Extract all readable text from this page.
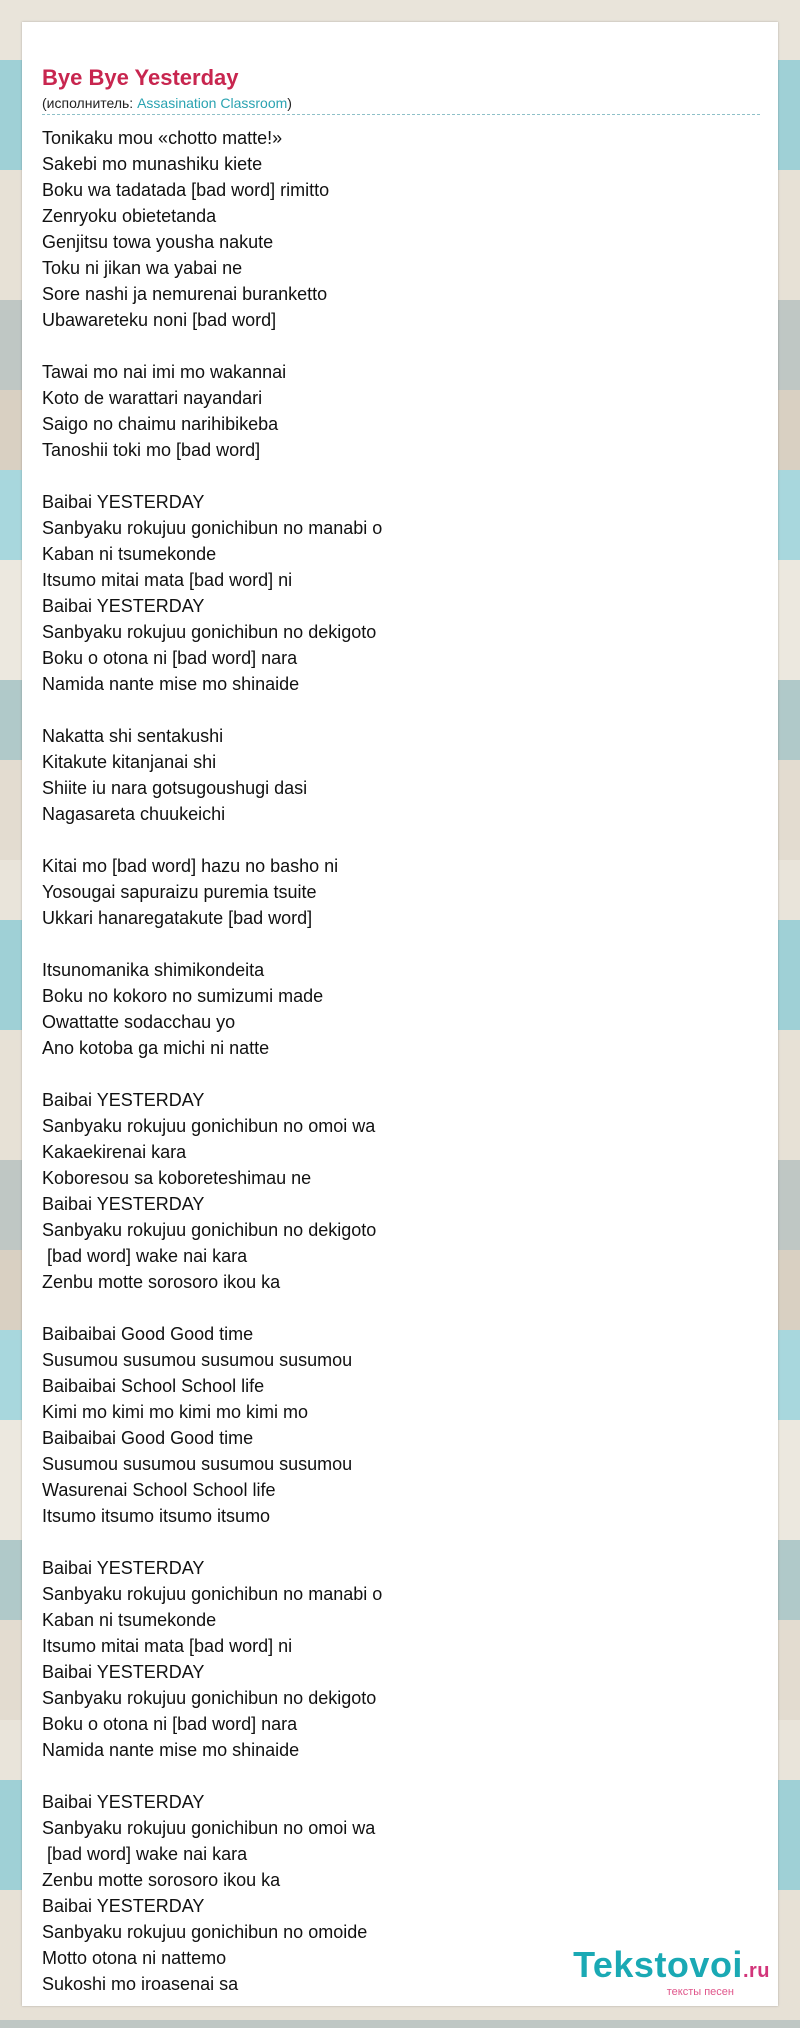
Bye Bye Yesterday
(исполнитель: Assasination Classroom)
Tonikaku mou «chotto matte!»
Sakebi mo munashiku kiete
Boku wa tadatada [bad word] rimitto
Zenryoku obietetanda
Genjitsu towa yousha nakute
Toku ni jikan wa yabai ne
Sore nashi ja nemurenai buranketto
Ubawareteku noni [bad word]
Tawai mo nai imi mo wakannai
Koto de warattari nayandari
Saigo no chaimu narihibikeba
Tanoshii toki mo [bad word]
Baibai YESTERDAY
Sanbyaku rokujuu gonichibun no manabi o
Kaban ni tsumekonde
Itsumo mitai mata [bad word] ni
Baibai YESTERDAY
Sanbyaku rokujuu gonichibun no dekigoto
Boku o otona ni [bad word] nara
Namida nante mise mo shinaide
Nakatta shi sentakushi
Kitakute kitanjanai shi
Shiite iu nara gotsugoushugi dasi
Nagasareta chuukeichi
Kitai mo [bad word] hazu no basho ni
Yosougai sapuraizu puremia tsuite
Ukkari hanaregatakute [bad word]
Itsunomanika shimikondeita
Boku no kokoro no sumizumi made
Owattatte sodacchau yo
Ano kotoba ga michi ni natte
Baibai YESTERDAY
Sanbyaku rokujuu gonichibun no omoi wa
Kakaekirenai kara
Koboresou sa koboreteshimau ne
Baibai YESTERDAY
Sanbyaku rokujuu gonichibun no dekigoto
[bad word] wake nai kara
Zenbu motte sorosoro ikou ka
Baibaibai Good Good time
Susumou susumou susumou susumou
Baibaibai School School life
Kimi mo kimi mo kimi mo kimi mo
Baibaibai Good Good time
Susumou susumou susumou susumou
Wasurenai School School life
Itsumo itsumo itsumo itsumo
Baibai YESTERDAY
Sanbyaku rokujuu gonichibun no manabi o
Kaban ni tsumekonde
Itsumo mitai mata [bad word] ni
Baibai YESTERDAY
Sanbyaku rokujuu gonichibun no dekigoto
Boku o otona ni [bad word] nara
Namida nante mise mo shinaide
Baibai YESTERDAY
Sanbyaku rokujuu gonichibun no omoi wa
[bad word] wake nai kara
Zenbu motte sorosoro ikou ka
Baibai YESTERDAY
Sanbyaku rokujuu gonichibun no omoide
Motto otona ni nattemo
Sukoshi mo iroasenai sa	Tekstovoi.ru
тексты песен
